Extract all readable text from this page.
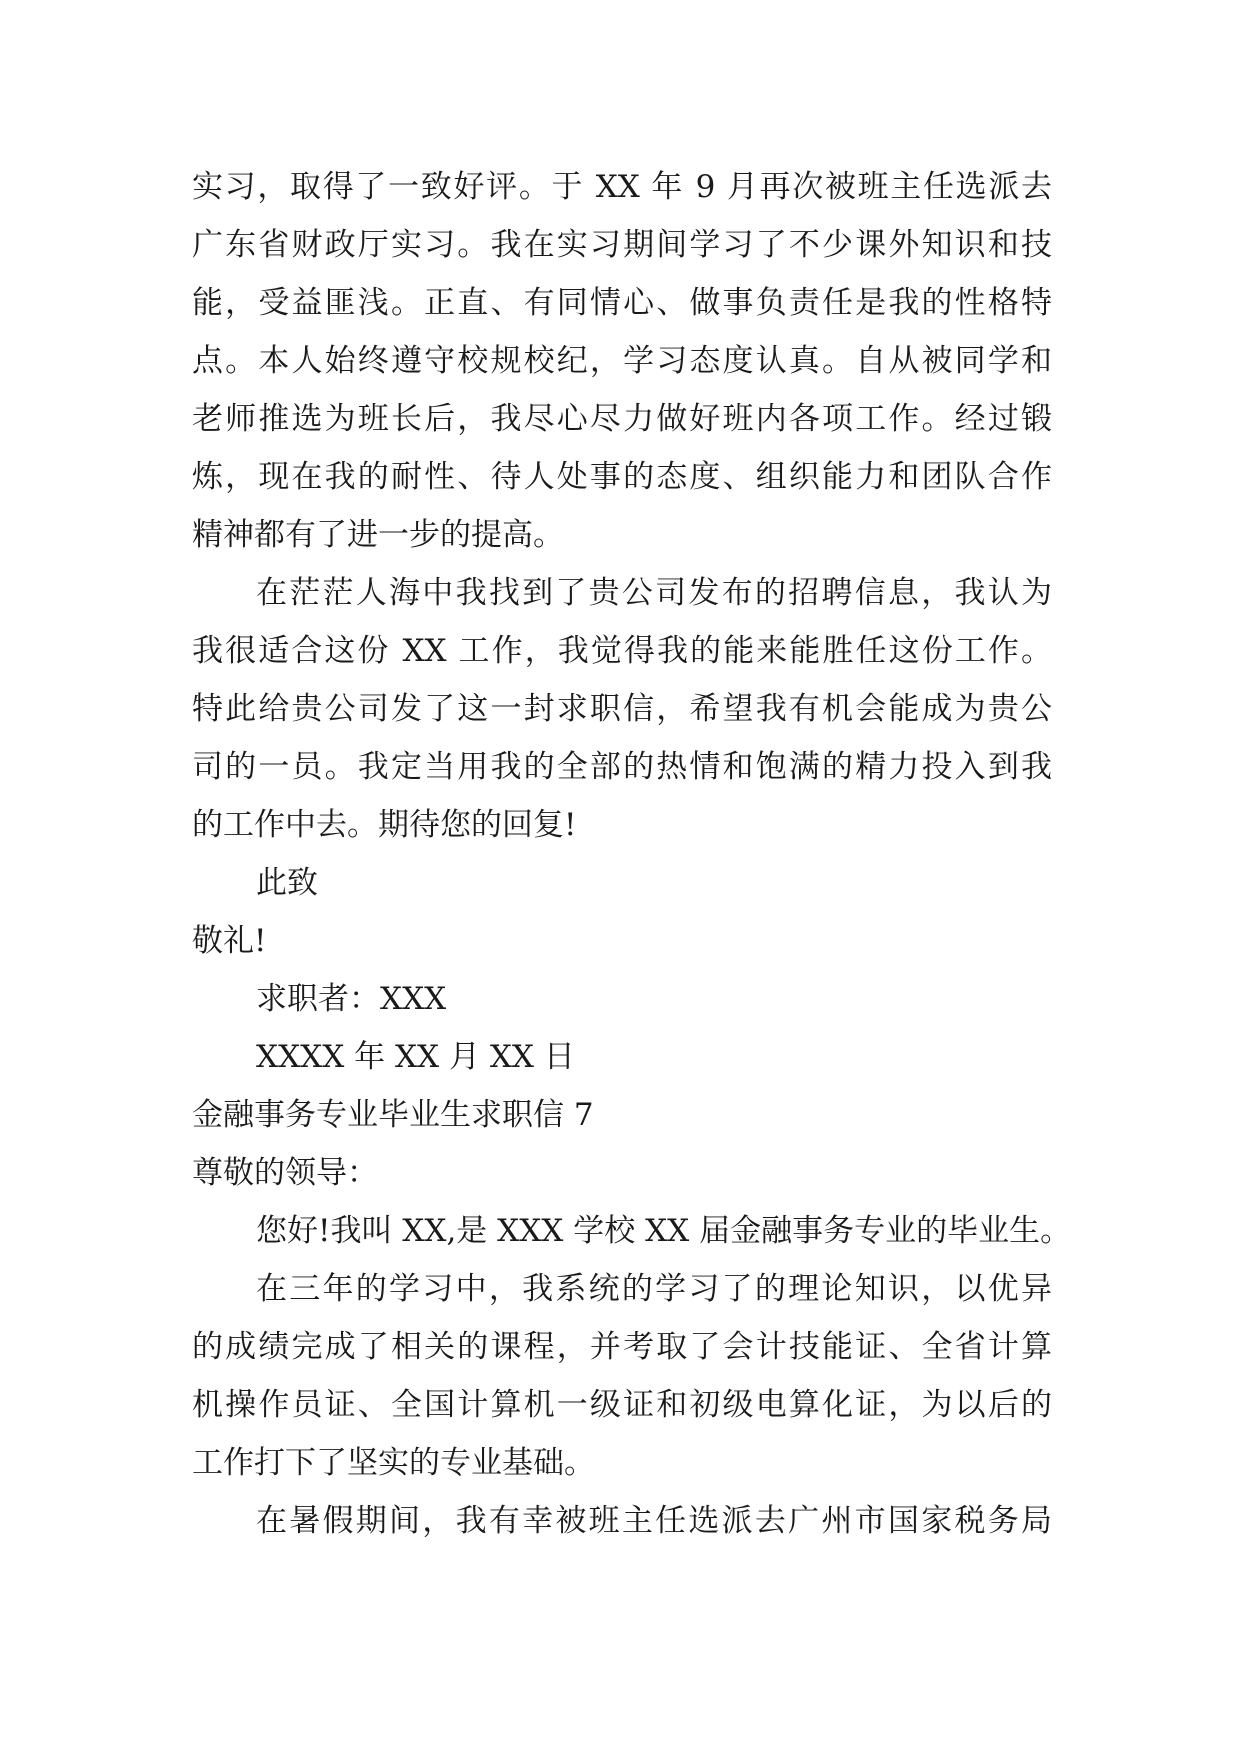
实习，取得了一致好评。于 XX 年 9 月再次被班主任选派去
广东省财政厅实习。我在实习期间学习了不少课外知识和技
能，受益匪浅。正直、有同情心、做事负责任是我的性格特
点。本人始终遵守校规校纪，学习态度认真。自从被同学和
老师推选为班长后，我尽心尽力做好班内各项工作。经过锻
炼，现在我的耐性、待人处事的态度、组织能力和团队合作
精神都有了进一步的提高。
在茫茫人海中我找到了贵公司发布的招聘信息，我认为
我很适合这份 XX 工作，我觉得我的能来能胜任这份工作。
特此给贵公司发了这一封求职信，希望我有机会能成为贵公
司的一员。我定当用我的全部的热情和饱满的精力投入到我
的工作中去。期待您的回复!
此致
敬礼!
求职者：XXX
XXXX 年 XX 月 XX 日
金融事务专业毕业生求职信 7
尊敬的领导：
您好!我叫 XX,是 XXX 学校 XX 届金融事务专业的毕业生。
在三年的学习中，我系统的学习了的理论知识，以优异
的成绩完成了相关的课程，并考取了会计技能证、全省计算
机操作员证、全国计算机一级证和初级电算化证，为以后的
工作打下了坚实的专业基础。
在暑假期间，我有幸被班主任选派去广州市国家税务局
